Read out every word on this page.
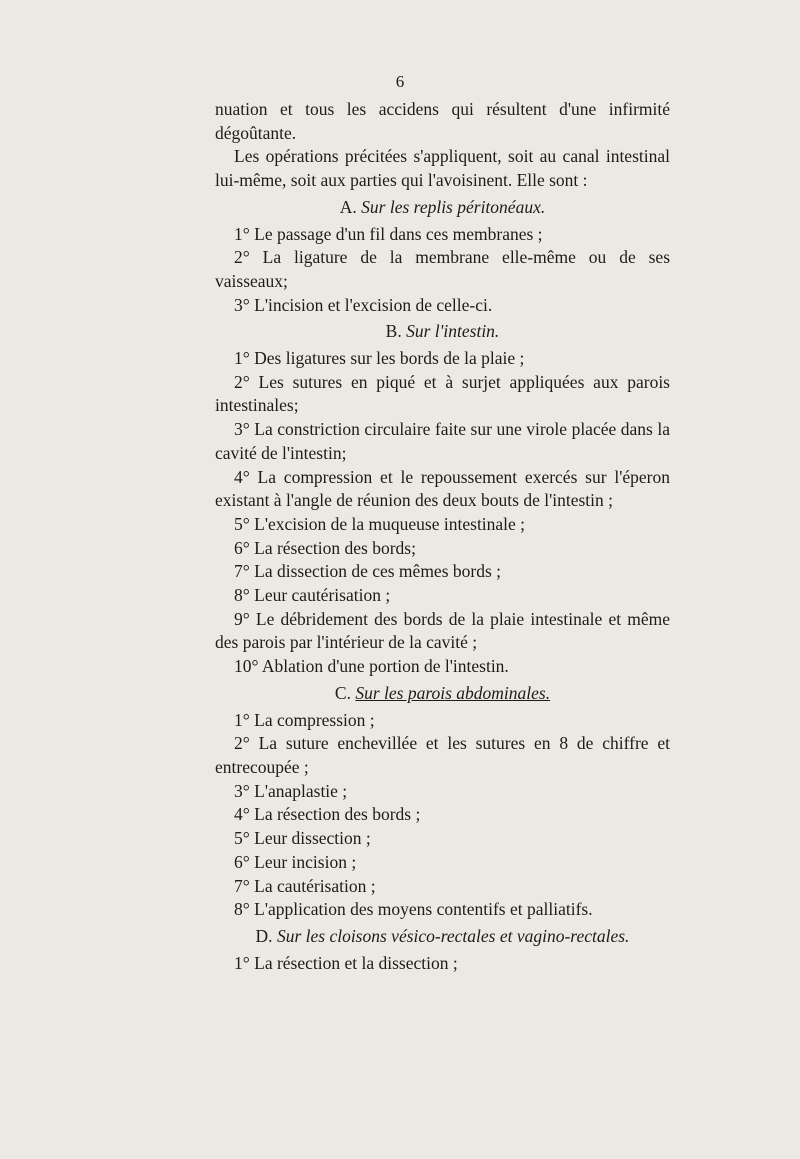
6

nuation et tous les accidens qui résultent d'une infirmité dégoûtante.

Les opérations précitées s'appliquent, soit au canal intestinal lui-même, soit aux parties qui l'avoisinent. Elle sont :

A. Sur les replis péritonéaux.

1° Le passage d'un fil dans ces membranes ;

2° La ligature de la membrane elle-même ou de ses vaisseaux;

3° L'incision et l'excision de celle-ci.

B. Sur l'intestin.

1° Des ligatures sur les bords de la plaie ;

2° Les sutures en piqué et à surjet appliquées aux parois intestinales;

3° La constriction circulaire faite sur une virole placée dans la cavité de l'intestin;

4° La compression et le repoussement exercés sur l'éperon existant à l'angle de réunion des deux bouts de l'intestin ;

5° L'excision de la muqueuse intestinale ;

6° La résection des bords;

7° La dissection de ces mêmes bords ;

8° Leur cautérisation ;

9° Le débridement des bords de la plaie intestinale et même des parois par l'intérieur de la cavité ;

10° Ablation d'une portion de l'intestin.

C. Sur les parois abdominales.

1° La compression ;

2° La suture enchevillée et les sutures en 8 de chiffre et entrecoupée ;

3° L'anaplastie ;

4° La résection des bords ;

5° Leur dissection ;

6° Leur incision ;

7° La cautérisation ;

8° L'application des moyens contentifs et palliatifs.

D. Sur les cloisons vésico-rectales et vagino-rectales.

1° La résection et la dissection ;
